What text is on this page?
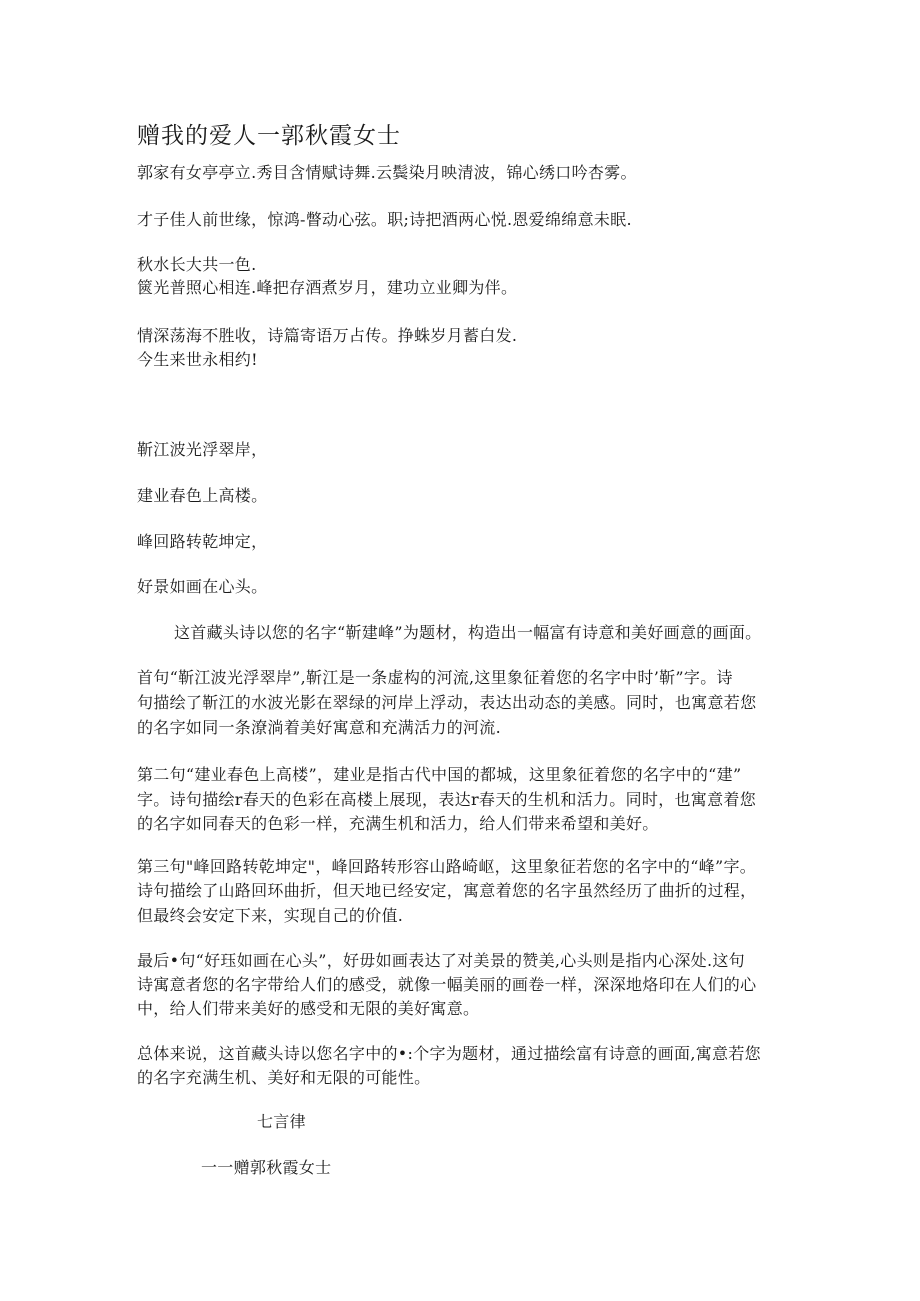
赠我的爱人一郭秋霞女士
郭家有女亭亭立.秀目含情赋诗舞.云鬓染月映清波，锦心绣口吟杏雾。
才子佳人前世缘，惊鸿-瞥动心弦。职;诗把酒两心悦.恩爱绵绵意未眠.
秋水长大共一色.
篋光普照心相连.峰把存酒煮岁月，建功立业卿为伴。
情深荡海不胜收，诗篇寄语万占传。挣蛛岁月蓄白发.
今生来世永相约!
靳江波光浮翠岸，
建业春色上高楼。
峰回路转乾坤定，
好景如画在心头。
这首藏头诗以您的名字“靳建峰”为题材，构造出一幅富有诗意和美好画意的画面。
首句“靳江波光浮翠岸”,靳江是一条虚构的河流,这里象征着您的名字中时’靳”字。诗
句描绘了靳江的水波光影在翠绿的河岸上浮动，表达出动态的美感。同时，也寓意若您
的名字如同一条潦淌着美好寓意和充满活力的河流.
第二句“建业春色上高楼”，建业是指古代中国的都城，这里象征着您的名字中的“建”
字。诗句描绘r春天的色彩在高楼上展现，表达r春天的生机和活力。同时，也寓意着您
的名字如同春天的色彩一样，充满生机和活力，给人们带来希望和美好。
第三句"峰回路转乾坤定"，峰回路转形容山路崎岖，这里象征若您的名字中的“峰”字。
诗句描绘了山路回环曲折，但天地已经安定，寓意着您的名字虽然经历了曲折的过程，
但最终会安定下来，实现自己的价值.
最后•句“好珏如画在心头”，好毋如画表达了对美景的赞美,心头则是指内心深处.这句
诗寓意者您的名字带给人们的感受，就像一幅美丽的画卷一样，深深地烙印在人们的心
中，给人们带来美好的感受和无限的美好寓意。
总体来说，这首藏头诗以您名字中的•:个字为题材，通过描绘富有诗意的画面,寓意若您
的名字充满生机、美好和无限的可能性。
七言律
一一赠郭秋霞女士
